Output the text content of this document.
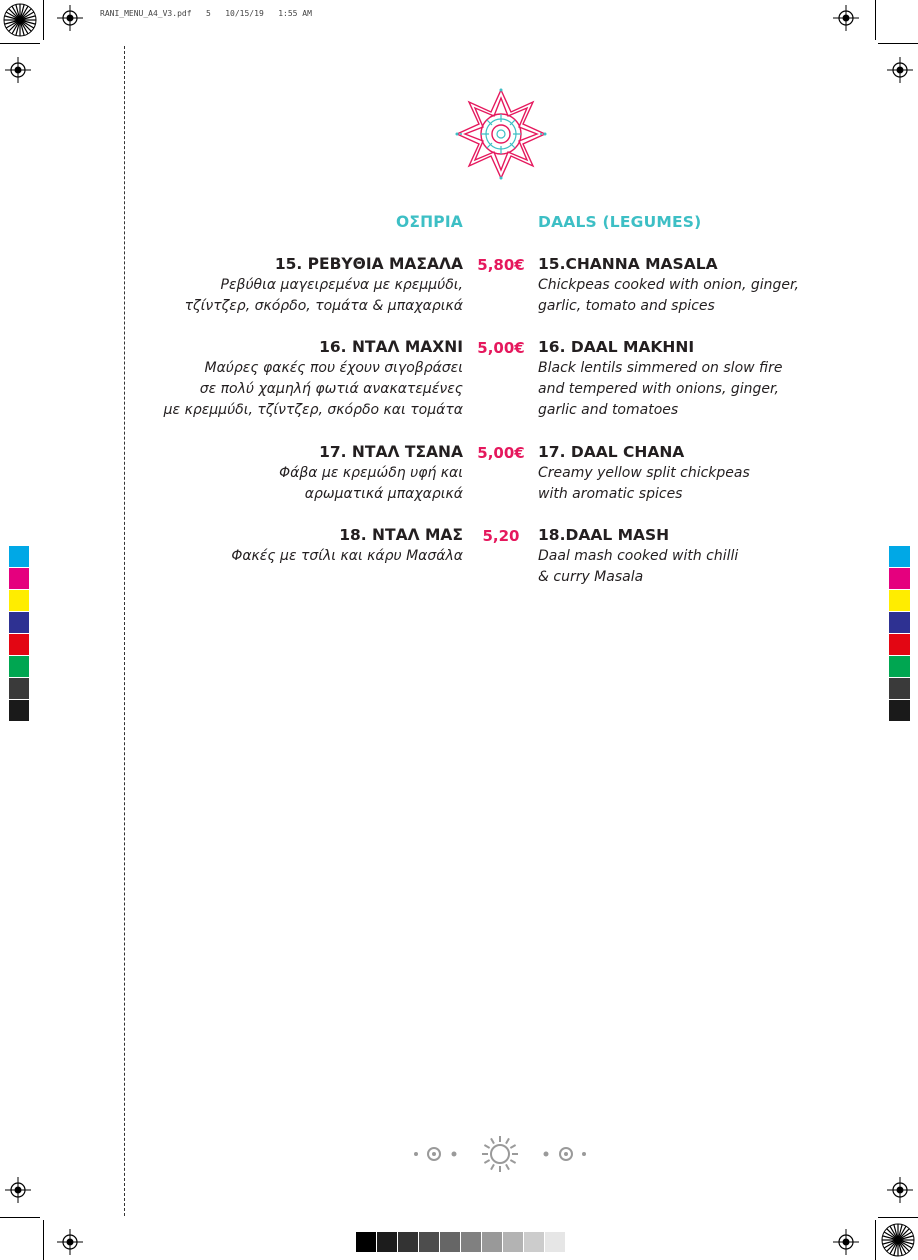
RANI_MENU_A4_V3.pdf   5   10/15/19   1:55 AM
ΟΣΠΡΙΑ	DAALS (LEGUMES)
15. ΡΕΒΥΘΙΑ ΜΑΣΑΛΑ
Ρεβύθια μαγειρεμένα με κρεμμύδι,
τζίντζερ, σκόρδο, τομάτα & μπαχαρικά
5,80€ 15.CHANNA MASALA
Chickpeas cooked with onion, ginger,
garlic, tomato and spices
16. ΝΤΑΛ ΜΑΧΝΙ
Μαύρες φακές που έχουν σιγοβράσει
σε πολύ χαμηλή φωτιά ανακατεμένες
με κρεμμύδι, τζίντζερ, σκόρδο και τομάτα
5,00€ 16. DAAL MAKHNI
Black lentils simmered on slow fire
and tempered with onions, ginger,
garlic and tomatoes
17. ΝΤΑΛ ΤΣΑΝΑ
Φάβα με κρεμώδη υφή και
αρωματικά μπαχαρικά
5,00€ 17. DAAL CHANA
Creamy yellow split chickpeas
with aromatic spices
18. ΝΤΑΛ ΜΑΣ
Φακές με τσίλι και κάρυ Μασάλα
5,20	18.DAAL MASH
Daal mash cooked with chilli
& curry Masala
